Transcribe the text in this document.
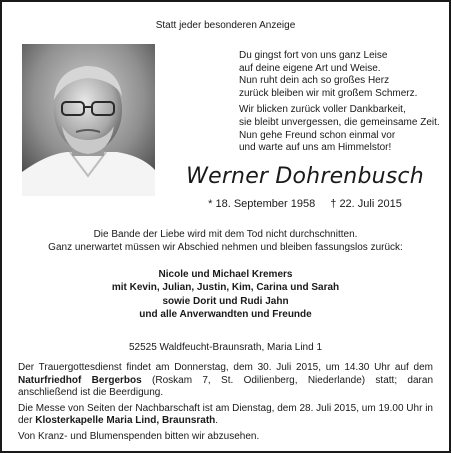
Statt jeder besonderen Anzeige
Du gingst fort von uns ganz Leise
auf deine eigene Art und Weise.
Nun ruht dein ach so großes Herz
zurück bleiben wir mit großem Schmerz.
Wir blicken zurück voller Dankbarkeit,
sie bleibt unvergessen, die gemeinsame Zeit.
Nun gehe Freund schon einmal vor
und warte auf uns am Himmelstor!
Werner Dohrenbusch
* 18. September 1958 † 22. Juli 2015
Die Bande der Liebe wird mit dem Tod nicht durchschnitten.
Ganz unerwartet müssen wir Abschied nehmen und bleiben fassungslos zurück:
Nicole und Michael Kremers
mit Kevin, Julian, Justin, Kim, Carina und Sarah
sowie Dorit und Rudi Jahn
und alle Anverwandten und Freunde
52525 Waldfeucht-Braunsrath, Maria Lind 1

Der Trauergottesdienst findet am Donnerstag, dem 30. Juli 2015, um 14.30 Uhr auf dem Naturfriedhof Bergerbos (Roskam 7, St. Odilienberg, Niederlande) statt; daran anschließend ist die Beerdigung.

Die Messe von Seiten der Nachbarschaft ist am Dienstag, dem 28. Juli 2015, um 19.00 Uhr in der Klosterkapelle Maria Lind, Braunsrath.

Von Kranz- und Blumenspenden bitten wir abzusehen.
